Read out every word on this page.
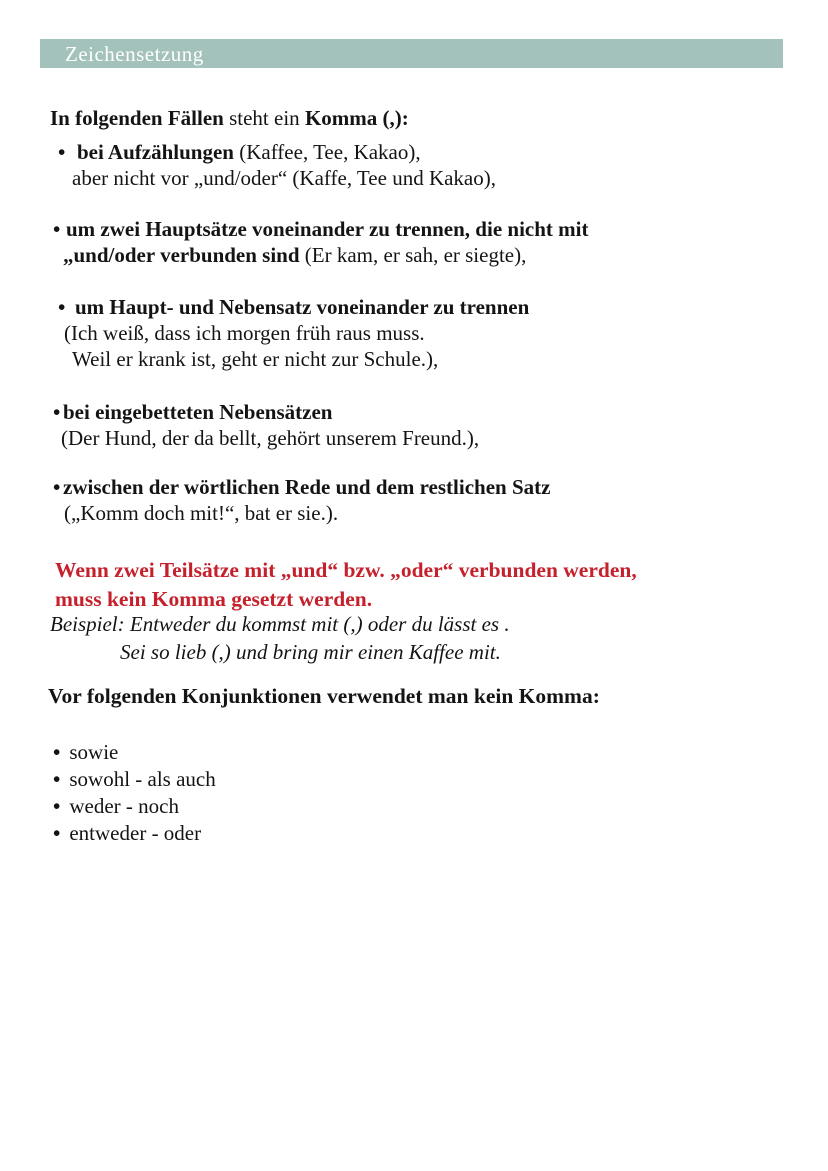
Zeichensetzung

In folgenden Fällen steht ein Komma (,):

• bei Aufzählungen (Kaffee, Tee, Kakao),
aber nicht vor „und/oder“ (Kaffe, Tee und Kakao),
• um zwei Hauptsätze voneinander zu trennen, die nicht mit
„und/oder verbunden sind (Er kam, er sah, er siegte),
• um Haupt- und Nebensatz voneinander zu trennen
(Ich weiß, dass ich morgen früh raus muss.
Weil er krank ist, geht er nicht zur Schule.),
• bei eingebetteten Nebensätzen
(Der Hund, der da bellt, gehört unserem Freund.),
• zwischen der wörtlichen Rede und dem restlichen Satz
(„Komm doch mit!“, bat er sie.).
Wenn zwei Teilsätze mit „und“ bzw. „oder“ verbunden werden,
muss kein Komma gesetzt werden.
Beispiel: Entweder du kommst mit (,) oder du lässt es .
Sei so lieb (,) und bring mir einen Kaffee mit.
Vor folgenden Konjunktionen verwendet man kein Komma:
• sowie
• sowohl - als auch
• weder - noch
• entweder - oder
